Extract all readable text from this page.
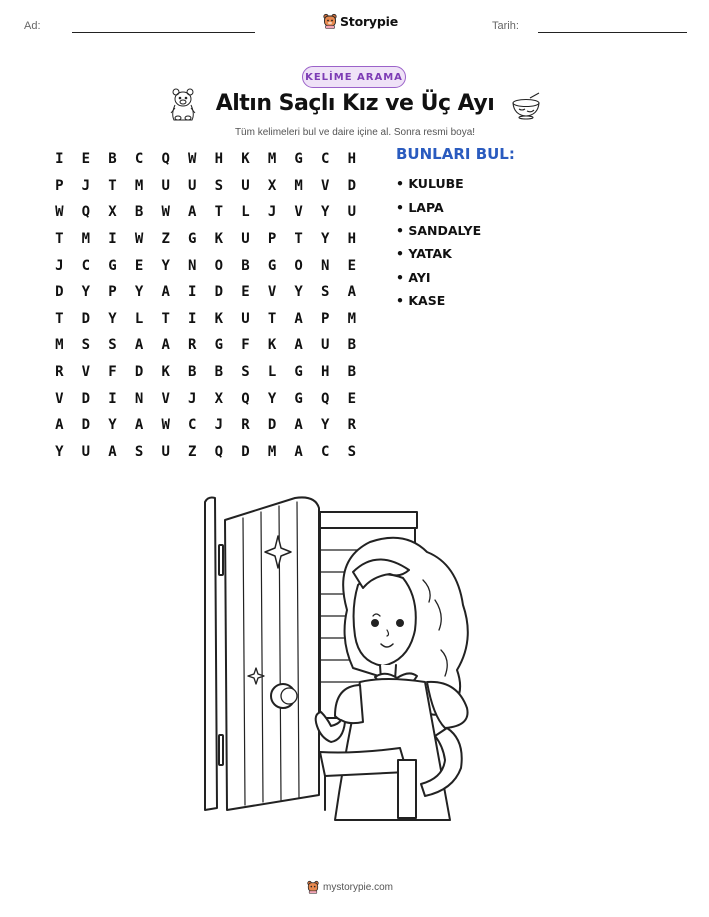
Ad:	Storypie	Tarih:
KELİME ARAMA
Altın Saçlı Kız ve Üç Ayı
Tüm kelimeleri bul ve daire içine al. Sonra resmi boya!
I	E	B	C	Q	W	H	K	M	G	C	H
P	J	T	M	U	U	S	U	X	M	V	D
W	Q	X	B	W	A	T	L	J	V	Y	U
T	M	I	W	Z	G	K	U	P	T	Y	H
J	C	G	E	Y	N	O	B	G	O	N	E
D	Y	P	Y	A	I	D	E	V	Y	S	A
T	D	Y	L	T	I	K	U	T	A	P	M
M	S	S	A	A	R	G	F	K	A	U	B
R	V	F	D	K	B	B	S	L	G	H	B
V	D	I	N	V	J	X	Q	Y	G	Q	E
A	D	Y	A	W	C	J	R	D	A	Y	R
Y	U	A	S	U	Z	Q	D	M	A	C	S
BUNLARI BUL:
• KULUBE
• LAPA
• SANDALYE
• YATAK
• AYI
• KASE
mystorypie.com
